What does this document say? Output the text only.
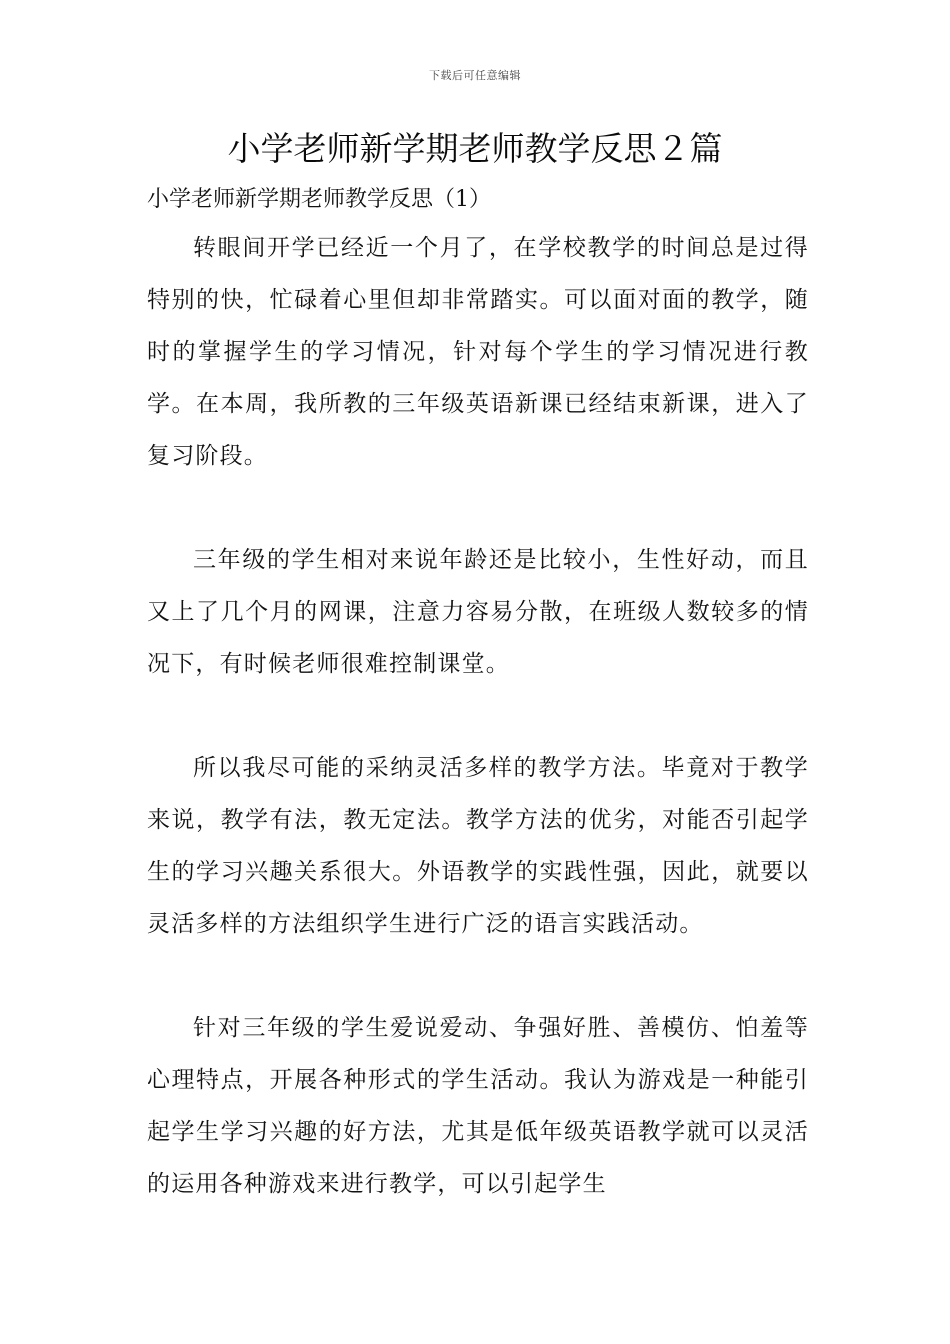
下载后可任意编辑
小学老师新学期老师教学反思２篇
小学老师新学期老师教学反思（1）

转眼间开学已经近一个月了，在学校教学的时间总是过得特别的快，忙碌着心里但却非常踏实。可以面对面的教学，随时的掌握学生的学习情况，针对每个学生的学习情况进行教学。在本周，我所教的三年级英语新课已经结束新课，进入了复习阶段。

三年级的学生相对来说年龄还是比较小，生性好动，而且又上了几个月的网课，注意力容易分散，在班级人数较多的情况下，有时候老师很难控制课堂。

所以我尽可能的采纳灵活多样的教学方法。毕竟对于教学来说，教学有法，教无定法。教学方法的优劣，对能否引起学生的学习兴趣关系很大。外语教学的实践性强，因此，就要以灵活多样的方法组织学生进行广泛的语言实践活动。

针对三年级的学生爱说爱动、争强好胜、善模仿、怕羞等心理特点，开展各种形式的学生活动。我认为游戏是一种能引起学生学习兴趣的好方法，尤其是低年级英语教学就可以灵活的运用各种游戏来进行教学，可以引起学生
